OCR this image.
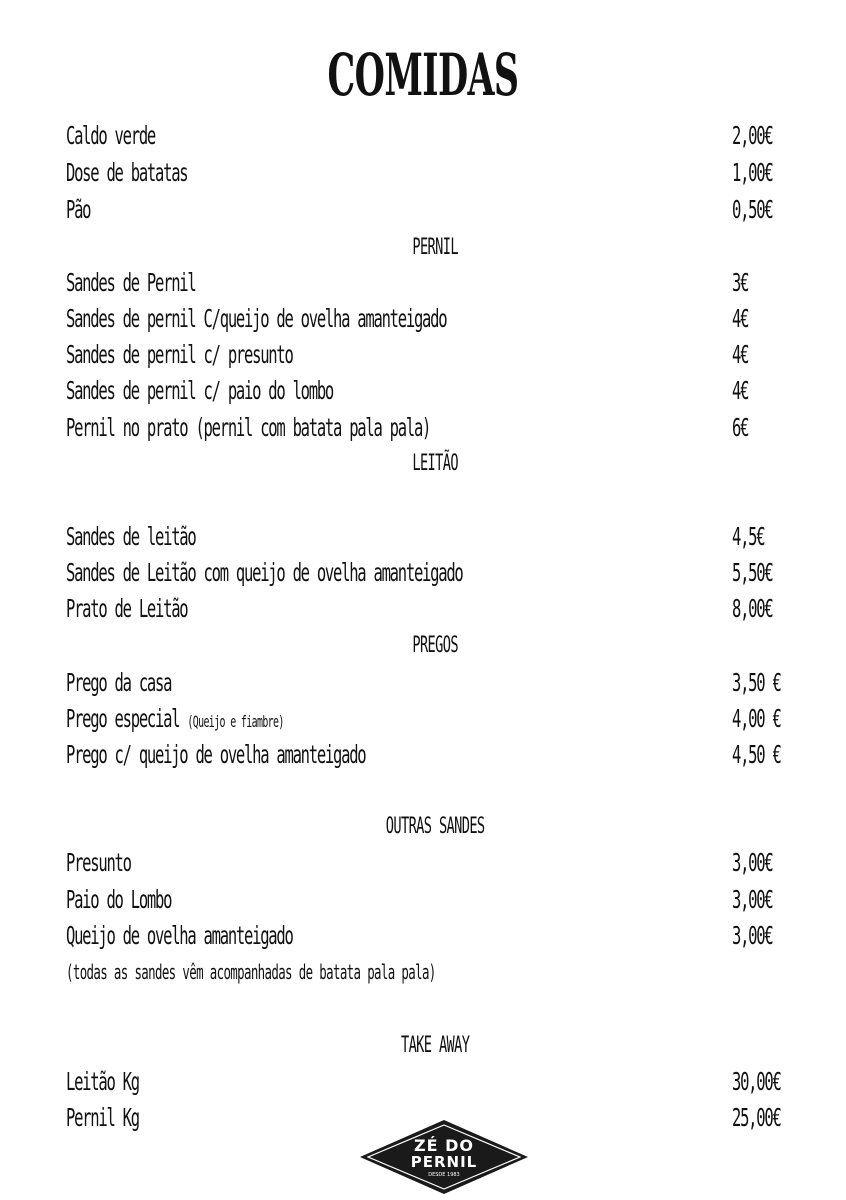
COMIDAS
Caldo verde	2,00€
Dose de batatas	1,00€
Pão	0,50€
PERNIL
Sandes de Pernil	3€
Sandes de pernil C/queijo de ovelha amanteigado	4€
Sandes de pernil c/ presunto	4€
Sandes de pernil c/ paio do lombo	4€
Pernil no prato (pernil com batata pala pala)	6€
LEITÃO
Sandes de leitão	4,5€
Sandes de Leitão com queijo de ovelha amanteigado	5,50€
Prato de Leitão	8,00€
PREGOS
Prego da casa	3,50 €
Prego especial (Queijo e fiambre)	4,00 €
Prego c/ queijo de ovelha amanteigado	4,50 €
OUTRAS SANDES
Presunto	3,00€
Paio do Lombo	3,00€
Queijo de ovelha amanteigado	3,00€
(todas as sandes vêm acompanhadas de batata pala pala)
TAKE AWAY
Leitão Kg	30,00€
Pernil Kg	25,00€
ZÉ DO
PERNIL
DESDE 1983
